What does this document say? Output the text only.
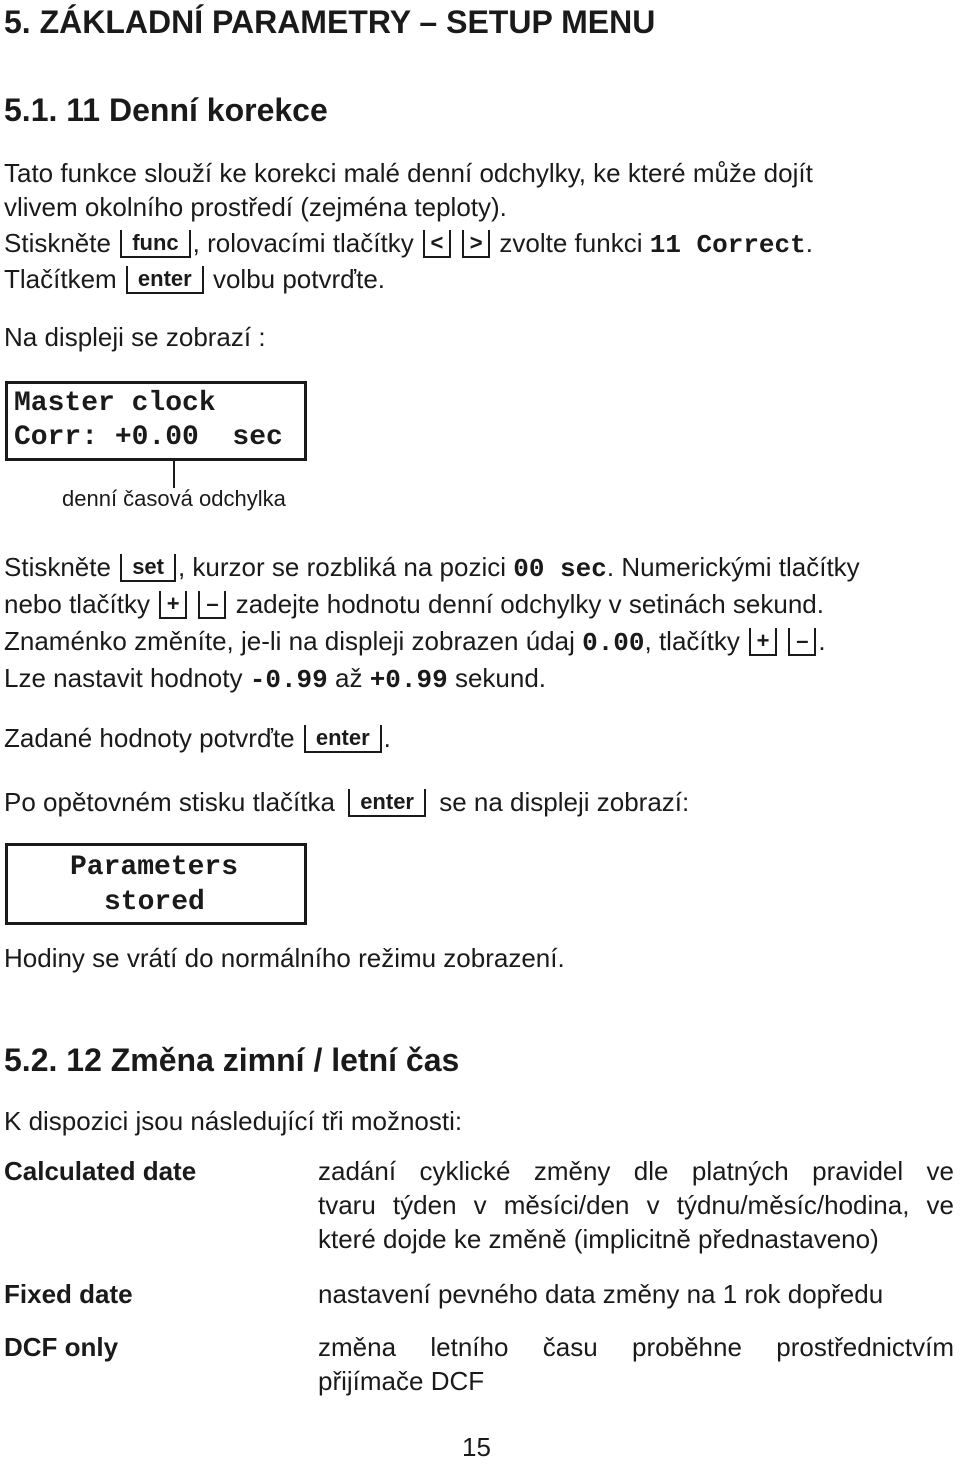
5. ZÁKLADNÍ PARAMETRY – SETUP MENU
5.1. 11 Denní korekce
Tato funkce slouží ke korekci malé denní odchylky, ke které může dojít
vlivem okolního prostředí (zejména teploty).
Stiskněte func , rolovacími tlačítky < > zvolte funkci 11 Correct.
Tlačítkem enter volbu potvrďte.
Na displeji se zobrazí :
Master clock
Corr: +0.00  sec
denní časová odchylka
Stiskněte set , kurzor se rozbliká na pozici 00 sec. Numerickými tlačítky
nebo tlačítky + – zadejte hodnotu denní odchylky v setinách sekund.
Znaménko změníte, je-li na displeji zobrazen údaj 0.00, tlačítky + – .
Lze nastavit hodnoty -0.99 až +0.99 sekund.
Zadané hodnoty potvrďte enter .
Po opětovném stisku tlačítka enter se na displeji zobrazí:
Parameters
stored
Hodiny se vrátí do normálního režimu zobrazení.
5.2. 12 Změna zimní / letní čas
K dispozici jsou následující tři možnosti:
Calculated date	zadání cyklické změny dle platných pravidel ve
tvaru týden v měsíci/den v týdnu/měsíc/hodina, ve
které dojde ke změně (implicitně přednastaveno)
Fixed date	nastavení pevného data změny na 1 rok dopředu
DCF only	změna letního času proběhne prostřednictvím
přijímače DCF
15
